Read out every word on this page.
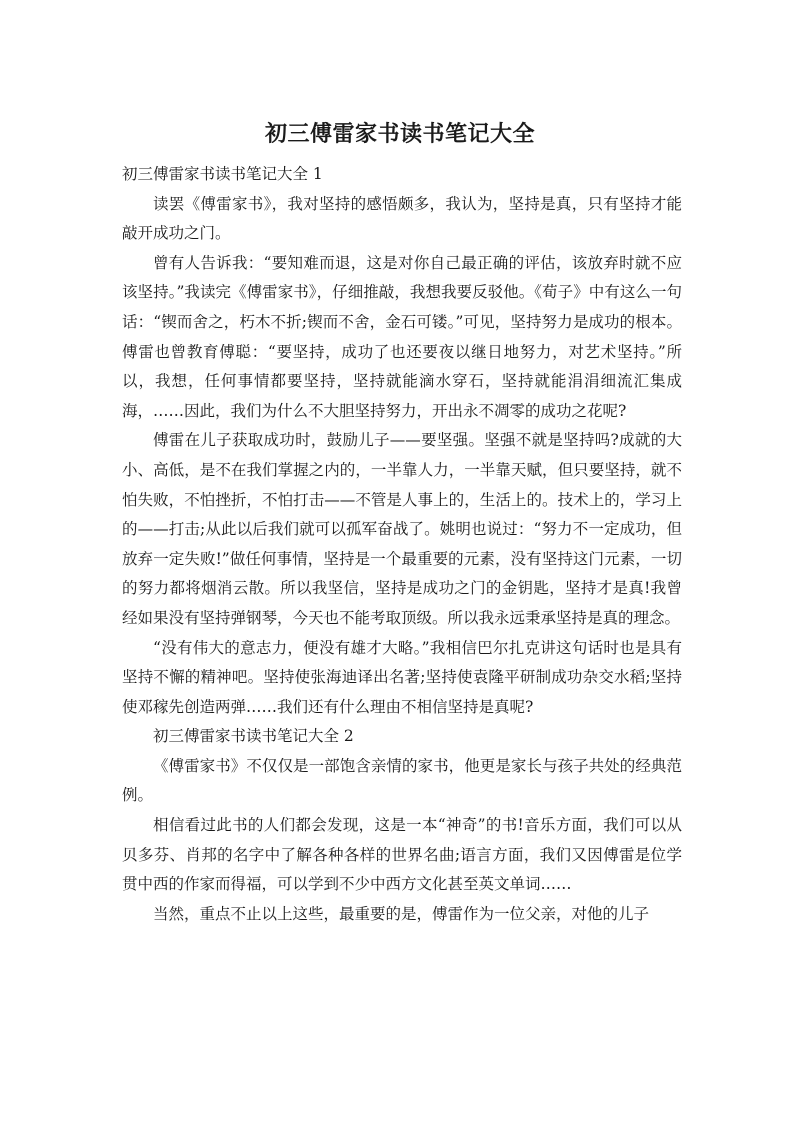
初三傅雷家书读书笔记大全

初三傅雷家书读书笔记大全 1

读罢《傅雷家书》，我对坚持的感悟颇多，我认为，坚持是真，只有坚持才能敲开成功之门。

曾有人告诉我：“要知难而退，这是对你自己最正确的评估，该放弃时就不应该坚持。”我读完《傅雷家书》，仔细推敲，我想我要反驳他。《荀子》中有这么一句话：“锲而舍之，朽木不折;锲而不舍，金石可镂。”可见，坚持努力是成功的根本。傅雷也曾教育傅聪：“要坚持，成功了也还要夜以继日地努力，对艺术坚持。”所以，我想，任何事情都要坚持，坚持就能滴水穿石，坚持就能涓涓细流汇集成海，……因此，我们为什么不大胆坚持努力，开出永不凋零的成功之花呢?

傅雷在儿子获取成功时，鼓励儿子——要坚强。坚强不就是坚持吗?成就的大小、高低，是不在我们掌握之内的，一半靠人力，一半靠天赋，但只要坚持，就不怕失败，不怕挫折，不怕打击——不管是人事上的，生活上的。技术上的，学习上的——打击;从此以后我们就可以孤军奋战了。姚明也说过：“努力不一定成功，但放弃一定失败!”做任何事情，坚持是一个最重要的元素，没有坚持这门元素，一切的努力都将烟消云散。所以我坚信，坚持是成功之门的金钥匙，坚持才是真!我曾经如果没有坚持弹钢琴，今天也不能考取顶级。所以我永远秉承坚持是真的理念。

“没有伟大的意志力，便没有雄才大略。”我相信巴尔扎克讲这句话时也是具有坚持不懈的精神吧。坚持使张海迪译出名著;坚持使袁隆平研制成功杂交水稻;坚持使邓稼先创造两弹……我们还有什么理由不相信坚持是真呢?

初三傅雷家书读书笔记大全 2

《傅雷家书》不仅仅是一部饱含亲情的家书，他更是家长与孩子共处的经典范例。

相信看过此书的人们都会发现，这是一本“神奇”的书!音乐方面，我们可以从贝多芬、肖邦的名字中了解各种各样的世界名曲;语言方面，我们又因傅雷是位学贯中西的作家而得福，可以学到不少中西方文化甚至英文单词……

当然，重点不止以上这些，最重要的是，傅雷作为一位父亲，对他的儿子
